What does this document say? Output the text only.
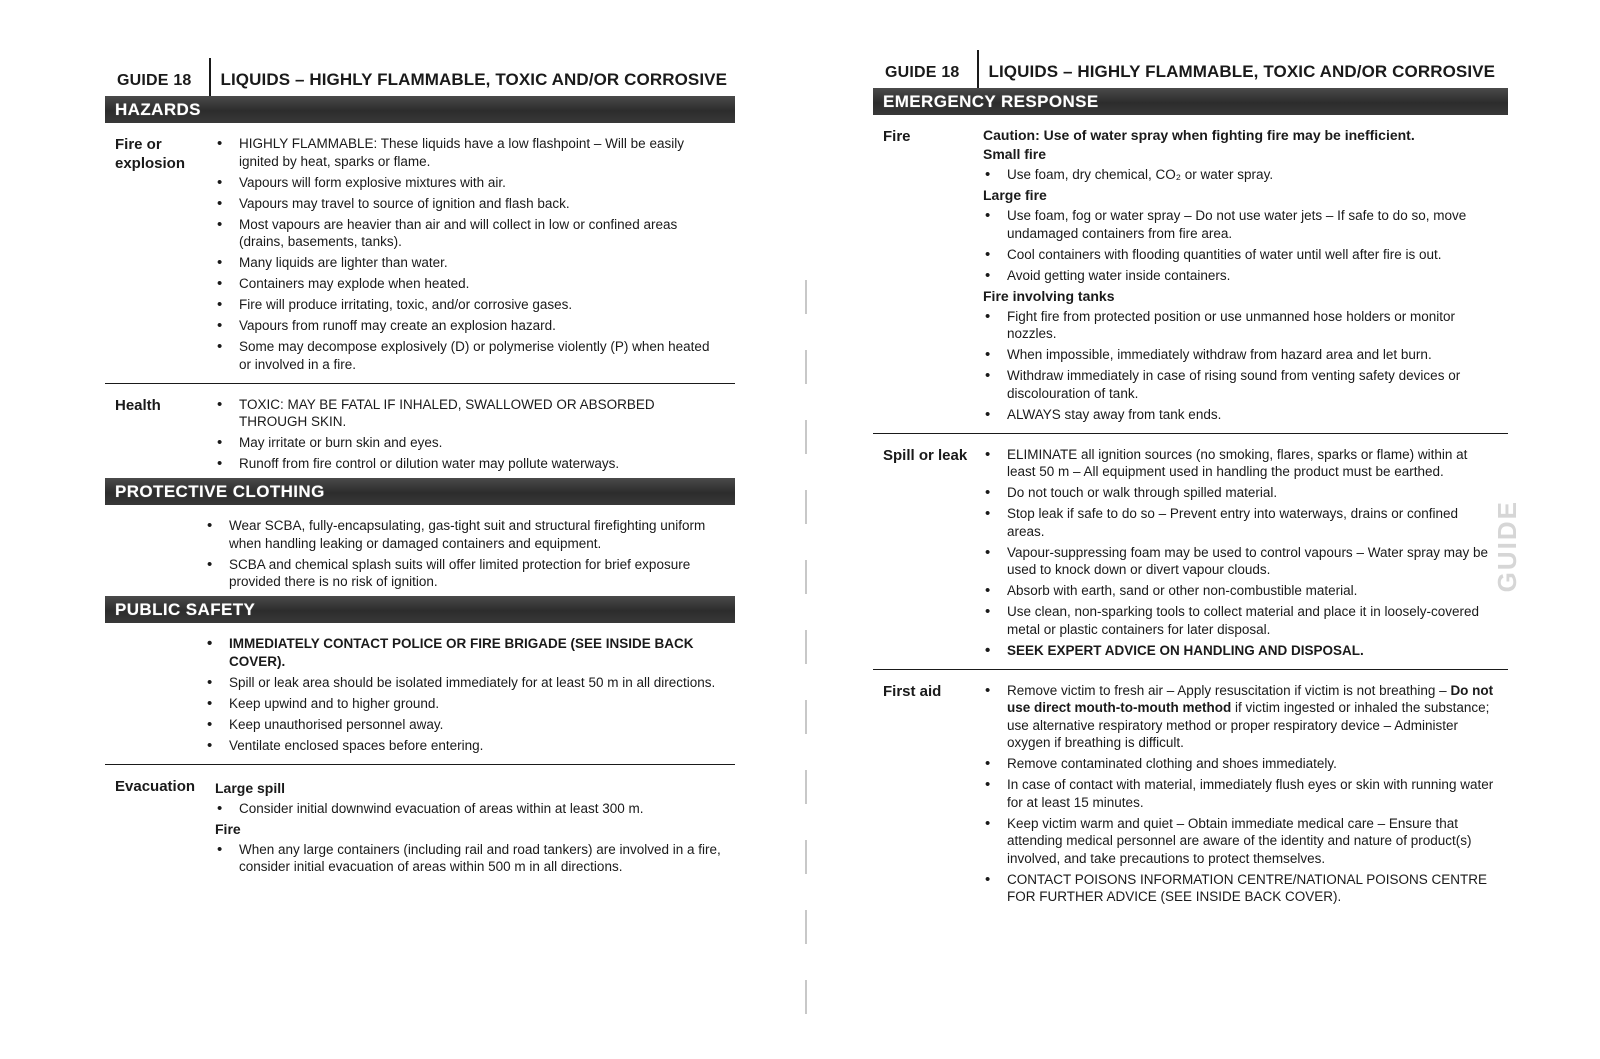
GUIDE 18	LIQUIDS – HIGHLY FLAMMABLE, TOXIC AND/OR CORROSIVE
HAZARDS
Fire or explosion
• HIGHLY FLAMMABLE: These liquids have a low flashpoint – Will be easily ignited by heat, sparks or flame.
• Vapours will form explosive mixtures with air.
• Vapours may travel to source of ignition and flash back.
• Most vapours are heavier than air and will collect in low or confined areas (drains, basements, tanks).
• Many liquids are lighter than water.
• Containers may explode when heated.
• Fire will produce irritating, toxic, and/or corrosive gases.
• Vapours from runoff may create an explosion hazard.
• Some may decompose explosively (D) or polymerise violently (P) when heated or involved in a fire.
Health	• TOXIC: MAY BE FATAL IF INHALED, SWALLOWED OR ABSORBED THROUGH SKIN.
• May irritate or burn skin and eyes.
• Runoff from fire control or dilution water may pollute waterways.
PROTECTIVE CLOTHING
• Wear SCBA, fully-encapsulating, gas-tight suit and structural firefighting uniform when handling leaking or damaged containers and equipment.
• SCBA and chemical splash suits will offer limited protection for brief exposure provided there is no risk of ignition.
PUBLIC SAFETY
• IMMEDIATELY CONTACT POLICE OR FIRE BRIGADE (SEE INSIDE BACK COVER).
• Spill or leak area should be isolated immediately for at least 50 m in all directions.
• Keep upwind and to higher ground.
• Keep unauthorised personnel away.
• Ventilate enclosed spaces before entering.
Evacuation	Large spill
• Consider initial downwind evacuation of areas within at least 300 m.
Fire
• When any large containers (including rail and road tankers) are involved in a fire, consider initial evacuation of areas within 500 m in all directions.
GUIDE 18	LIQUIDS – HIGHLY FLAMMABLE, TOXIC AND/OR CORROSIVE
EMERGENCY RESPONSE
Fire	Caution: Use of water spray when fighting fire may be inefficient.
Small fire
• Use foam, dry chemical, CO₂ or water spray.
Large fire
• Use foam, fog or water spray – Do not use water jets – If safe to do so, move undamaged containers from fire area.
• Cool containers with flooding quantities of water until well after fire is out.
• Avoid getting water inside containers.
Fire involving tanks
• Fight fire from protected position or use unmanned hose holders or monitor nozzles.
• When impossible, immediately withdraw from hazard area and let burn.
• Withdraw immediately in case of rising sound from venting safety devices or discolouration of tank.
• ALWAYS stay away from tank ends.
Spill or leak	• ELIMINATE all ignition sources (no smoking, flares, sparks or flame) within at least 50 m – All equipment used in handling the product must be earthed.
• Do not touch or walk through spilled material.
• Stop leak if safe to do so – Prevent entry into waterways, drains or confined areas.
• Vapour-suppressing foam may be used to control vapours – Water spray may be used to knock down or divert vapour clouds.
• Absorb with earth, sand or other non-combustible material.
• Use clean, non-sparking tools to collect material and place it in loosely-covered metal or plastic containers for later disposal.
• SEEK EXPERT ADVICE ON HANDLING AND DISPOSAL.
First aid	• Remove victim to fresh air – Apply resuscitation if victim is not breathing – Do not use direct mouth-to-mouth method if victim ingested or inhaled the substance; use alternative respiratory method or proper respiratory device – Administer oxygen if breathing is difficult.
• Remove contaminated clothing and shoes immediately.
• In case of contact with material, immediately flush eyes or skin with running water for at least 15 minutes.
• Keep victim warm and quiet – Obtain immediate medical care – Ensure that attending medical personnel are aware of the identity and nature of product(s) involved, and take precautions to protect themselves.
• CONTACT POISONS INFORMATION CENTRE/NATIONAL POISONS CENTRE FOR FURTHER ADVICE (SEE INSIDE BACK COVER).
GUIDE
